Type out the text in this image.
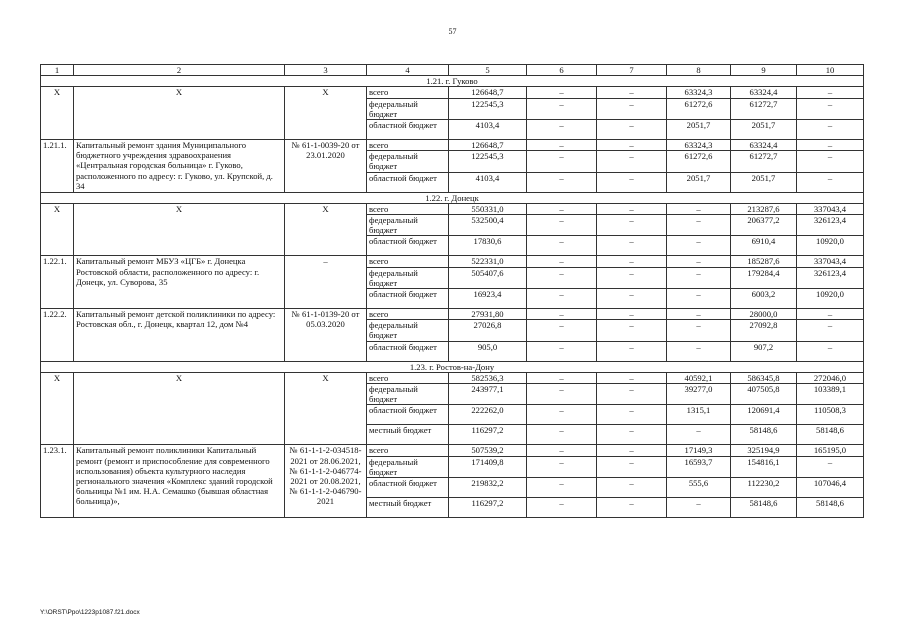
57
1	2	3	4	5	6	7	8	9	10
1.21. г. Гуково									
Х	Х	Х	всего	126648,7	–	–	63324,3	63324,4	–
			федеральный бюджет	122545,3	–	–	61272,6	61272,7	–
			областной бюджет	4103,4	–	–	2051,7	2051,7	–
1.21.1.	Капитальный ремонт здания Муниципального бюджетного учреждения здравоохранения «Центральная городская больница» г. Гуково, расположенного по адресу: г. Гуково, ул. Крупской, д. 34	№ 61-1-0039-20 от 23.01.2020	всего	126648,7	–	–	63324,3	63324,4	–
			федеральный бюджет	122545,3	–	–	61272,6	61272,7	–
			областной бюджет	4103,4	–	–	2051,7	2051,7	–
1.22. г. Донецк									
Х	Х	Х	всего	550331,0	–	–	–	213287,6	337043,4
			федеральный бюджет	532500,4	–	–	–	206377,2	326123,4
			областной бюджет	17830,6	–	–	–	6910,4	10920,0
1.22.1.	Капитальный ремонт МБУЗ «ЦГБ» г. Донецка Ростовской области, расположенного по адресу: г. Донецк, ул. Суворова, 35	–	всего	522331,0	–	–	–	185287,6	337043,4
			федеральный бюджет	505407,6	–	–	–	179284,4	326123,4
			областной бюджет	16923,4	–	–	–	6003,2	10920,0
1.22.2.	Капитальный ремонт детской поликлиники по адресу: Ростовская обл., г. Донецк, квартал 12, дом №4	№ 61-1-0139-20 от 05.03.2020	всего	27931,80	–	–	–	28000,0	–
			федеральный бюджет	27026,8	–	–	–	27092,8	–
			областной бюджет	905,0	–	–	–	907,2	–
1.23. г. Ростов-на-Дону									
Х	Х	Х	всего	582536,3	–	–	40592,1	586345,8	272046,0
			федеральный бюджет	243977,1	–	–	39277,0	407505,8	103389,1
			областной бюджет	222262,0	–	–	1315,1	120691,4	110508,3
			местный бюджет	116297,2	–	–	–	58148,6	58148,6
1.23.1.	Капитальный ремонт поликлиники Капитальный ремонт (ремонт и приспособление для современного использования) объекта культурного наследия регионального значения «Комплекс зданий городской больницы №1 им. Н.А. Семашко (бывшая областная больница)»,	№ 61-1-1-2-034518-2021 от 28.06.2021, № 61-1-1-2-046774-2021 от 20.08.2021, № 61-1-1-2-046790-2021	всего	507539,2	–	–	17149,3	325194,9	165195,0
			федеральный бюджет	171409,8	–	–	16593,7	154816,1	–
			областной бюджет	219832,2	–	–	555,6	112230,2	107046,4
			местный бюджет	116297,2	–	–	–	58148,6	58148,6
Y:\ORST\Ppo\1223p1087.f21.docx
